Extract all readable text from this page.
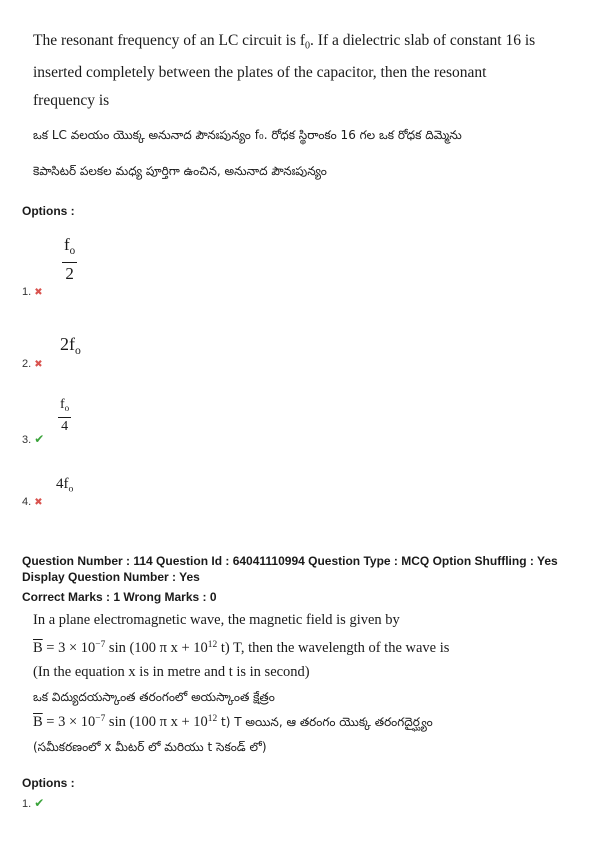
The resonant frequency of an LC circuit is $f_0$. If a dielectric slab of constant 16 is
inserted completely between the plates of the capacitor, then the resonant
frequency is
ఒక LC వలయం యొక్క అనునాద పౌనఃపున్యం f₀. రోధక స్థిరాంకం 16 గల ఒక రోధక దిమ్మెను
కెపాసిటర్ పలకల మధ్య పూర్తిగా ఉంచిన, అనునాద పౌనఃపున్యం
Options :
$\frac{f_o}{2}$
1. ✖
$2f_o$
2. ✖
$\frac{f_o}{4}$
3. ✔
$4f_o$
4. ✖
Question Number : 114 Question Id : 64041110994 Question Type : MCQ Option Shuffling : Yes
Display Question Number : Yes
Correct Marks : 1 Wrong Marks : 0
In a plane electromagnetic wave, the magnetic field is given by
$\overline{B} = 3 \times 10^{-7}$ sin (100 π $x + 10^{12}$ t) T, then the wavelength of the wave is
(In the equation x is in metre and t is in second)
ఒక విద్యుదయస్కాంత తరంగంలో అయస్కాంత క్షేత్రం
$\overline{B} = 3 \times 10^{-7}$ sin (100 π $x + 10^{12}$ t) T అయిన, ఆ తరంగం యొక్క తరంగదైర్ఘ్యం
(సమీకరణంలో x మీటర్ లో మరియు t సెకండ్ లో)
Options :
1. ✔
